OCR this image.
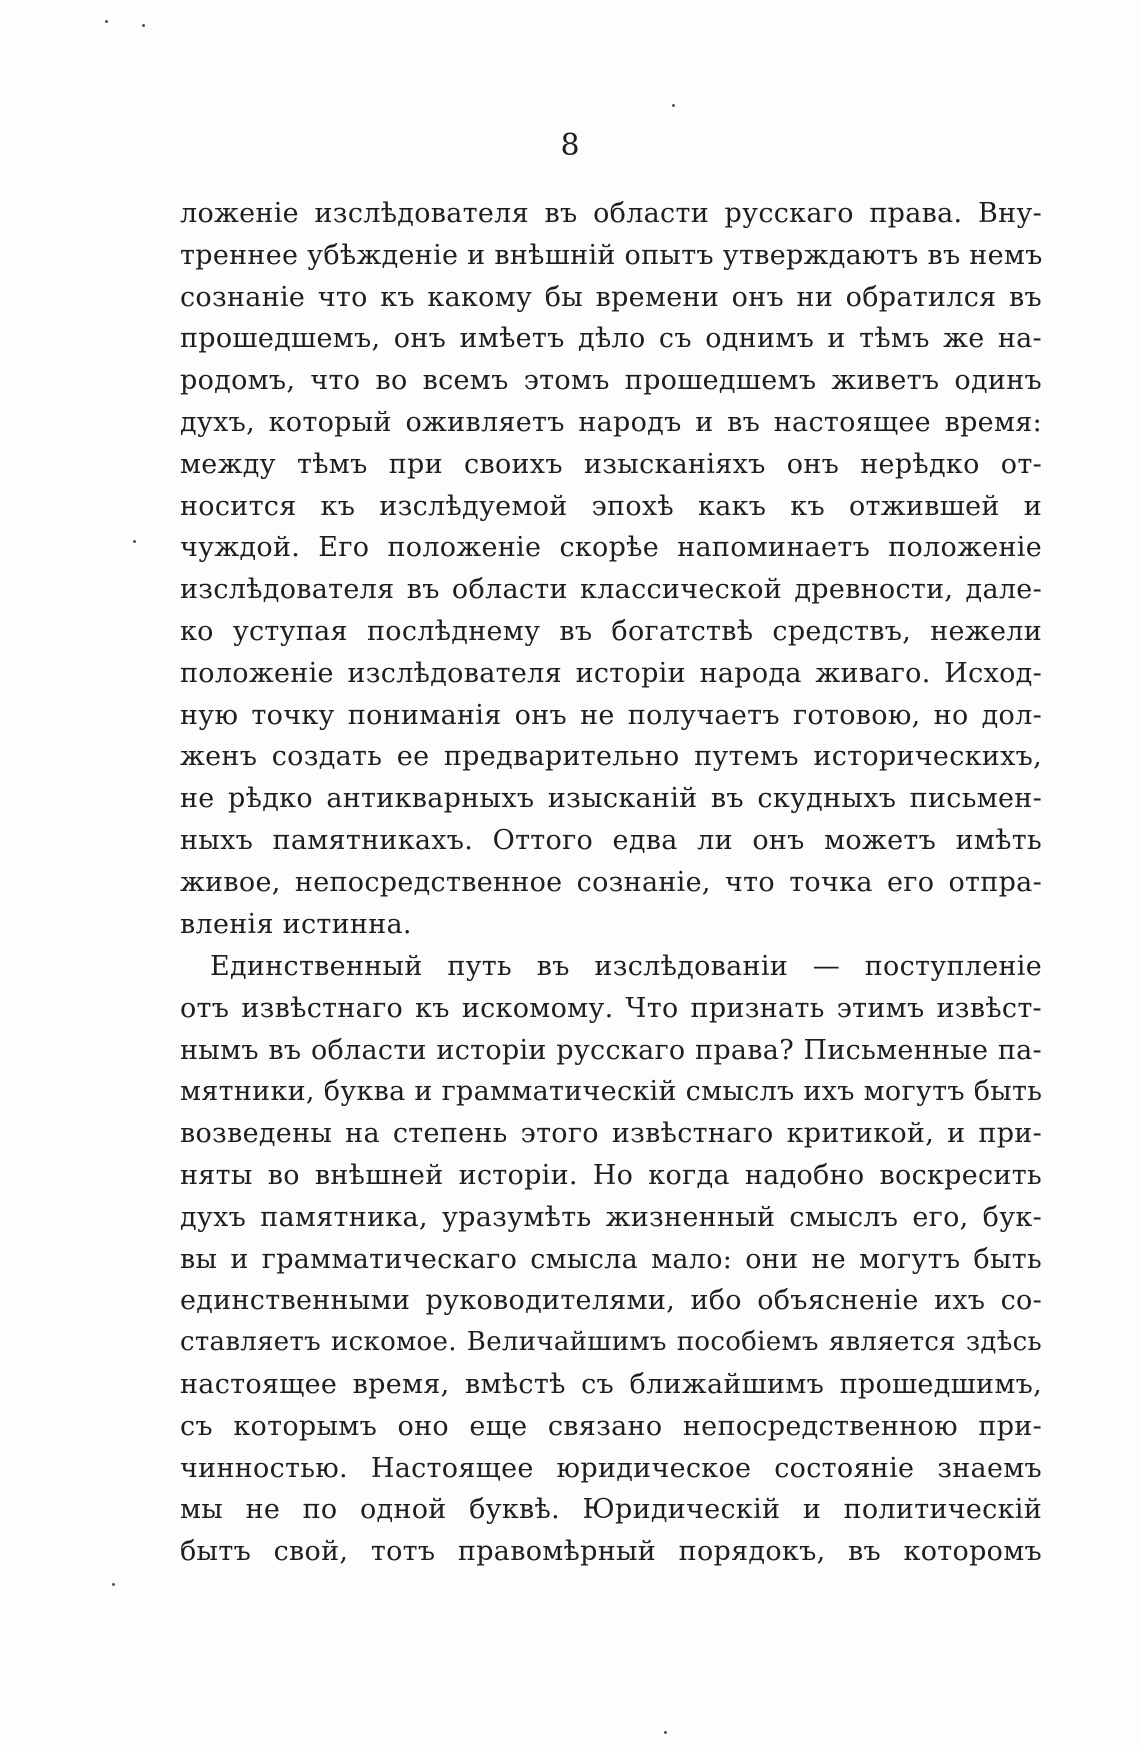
8
ложеніе изслѣдователя въ области русскаго права. Вну-
треннее убѣжденіе и внѣшній опытъ утверждаютъ въ немъ
сознаніе что къ какому бы времени онъ ни обратился въ
прошедшемъ, онъ имѣетъ дѣло съ однимъ и тѣмъ же на-
родомъ, что во всемъ этомъ прошедшемъ живетъ одинъ
духъ, который оживляетъ народъ и въ настоящее время:
между тѣмъ при своихъ изысканіяхъ онъ нерѣдко от-
носится къ изслѣдуемой эпохѣ какъ къ отжившей и
чуждой. Его положеніе скорѣе напоминаетъ положеніе
изслѣдователя въ области классической древности, дале-
ко уступая послѣднему въ богатствѣ средствъ, нежели
положеніе изслѣдователя исторіи народа живаго. Исход-
ную точку пониманія онъ не получаетъ готовою, но дол-
женъ создать ее предварительно путемъ историческихъ,
не рѣдко антикварныхъ изысканій въ скудныхъ письмен-
ныхъ памятникахъ. Оттого едва ли онъ можетъ имѣть
живое, непосредственное сознаніе, что точка его отпра-
вленія истинна.
Единственный путь въ изслѣдованіи — поступленіе
отъ извѣстнаго къ искомому. Что признать этимъ извѣст-
нымъ въ области исторіи русскаго права? Письменные па-
мятники, буква и грамматическій смыслъ ихъ могутъ быть
возведены на степень этого извѣстнаго критикой, и при-
няты во внѣшней исторіи. Но когда надобно воскресить
духъ памятника, уразумѣть жизненный смыслъ его, бук-
вы и грамматическаго смысла мало: они не могутъ быть
единственными руководителями, ибо объясненіе ихъ со-
ставляетъ искомое. Величайшимъ пособіемъ является здѣсь
настоящее время, вмѣстѣ съ ближайшимъ прошедшимъ,
съ которымъ оно еще связано непосредственною при-
чинностью. Настоящее юридическое состояніе знаемъ
мы не по одной буквѣ. Юридическій и политическій
бытъ свой, тотъ правомѣрный порядокъ, въ которомъ
